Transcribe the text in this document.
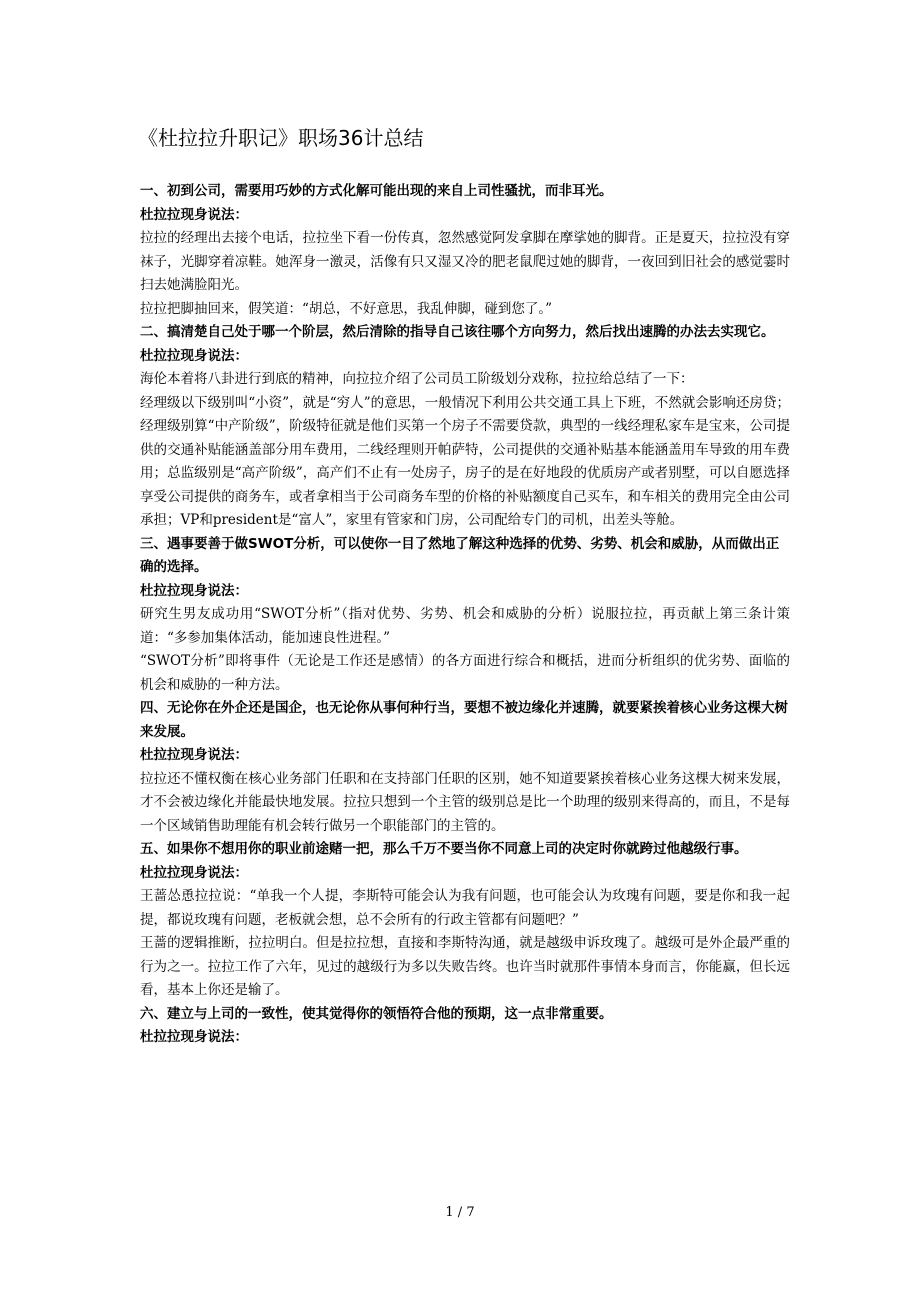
《杜拉拉升职记》职场36计总结

一、初到公司，需要用巧妙的方式化解可能出现的来自上司性骚扰，而非耳光。

杜拉拉现身说法：

拉拉的经理出去接个电话，拉拉坐下看一份传真，忽然感觉阿发拿脚在摩挲她的脚背。正是夏天，拉拉没有穿袜子，光脚穿着凉鞋。她浑身一激灵，活像有只又湿又冷的肥老鼠爬过她的脚背，一夜回到旧社会的感觉霎时扫去她满脸阳光。

拉拉把脚抽回来，假笑道：“胡总，不好意思，我乱伸脚，碰到您了。”

二、搞清楚自己处于哪一个阶层，然后清除的指导自己该往哪个方向努力，然后找出速腾的办法去实现它。

杜拉拉现身说法：

海伦本着将八卦进行到底的精神，向拉拉介绍了公司员工阶级划分戏称，拉拉给总结了一下：

经理级以下级别叫“小资”，就是“穷人”的意思，一般情况下利用公共交通工具上下班，不然就会影响还房贷；经理级别算“中产阶级”，阶级特征就是他们买第一个房子不需要贷款，典型的一线经理私家车是宝来，公司提供的交通补贴能涵盖部分用车费用，二线经理则开帕萨特，公司提供的交通补贴基本能涵盖用车导致的用车费用；总监级别是“高产阶级”，高产们不止有一处房子，房子的是在好地段的优质房产或者别墅，可以自愿选择享受公司提供的商务车，或者拿相当于公司商务车型的价格的补贴额度自己买车，和车相关的费用完全由公司承担；VP和president是“富人”，家里有管家和门房，公司配给专门的司机，出差头等舱。

三、遇事要善于做SWOT分析，可以使你一目了然地了解这种选择的优势、劣势、机会和威胁，从而做出正确的选择。

杜拉拉现身说法：

研究生男友成功用“SWOT分析”（指对优势、劣势、机会和威胁的分析）说服拉拉，再贡献上第三条计策道：“多参加集体活动，能加速良性进程。”

“SWOT分析”即将事件（无论是工作还是感情）的各方面进行综合和概括，进而分析组织的优劣势、面临的机会和威胁的一种方法。

四、无论你在外企还是国企，也无论你从事何种行当，要想不被边缘化并速腾，就要紧挨着核心业务这棵大树来发展。

杜拉拉现身说法：

拉拉还不懂权衡在核心业务部门任职和在支持部门任职的区别，她不知道要紧挨着核心业务这棵大树来发展，才不会被边缘化并能最快地发展。拉拉只想到一个主管的级别总是比一个助理的级别来得高的，而且，不是每一个区域销售助理能有机会转行做另一个职能部门的主管的。

五、如果你不想用你的职业前途赌一把，那么千万不要当你不同意上司的决定时你就跨过他越级行事。

杜拉拉现身说法：

王蔷怂恿拉拉说：“单我一个人提，李斯特可能会认为我有问题，也可能会认为玫瑰有问题，要是你和我一起提，都说玫瑰有问题，老板就会想，总不会所有的行政主管都有问题吧？”

王蔷的逻辑推断，拉拉明白。但是拉拉想，直接和李斯特沟通，就是越级申诉玫瑰了。越级可是外企最严重的行为之一。拉拉工作了六年，见过的越级行为多以失败告终。也许当时就那件事情本身而言，你能赢，但长远看，基本上你还是输了。

六、建立与上司的一致性，使其觉得你的领悟符合他的预期，这一点非常重要。

杜拉拉现身说法：

1 / 7
